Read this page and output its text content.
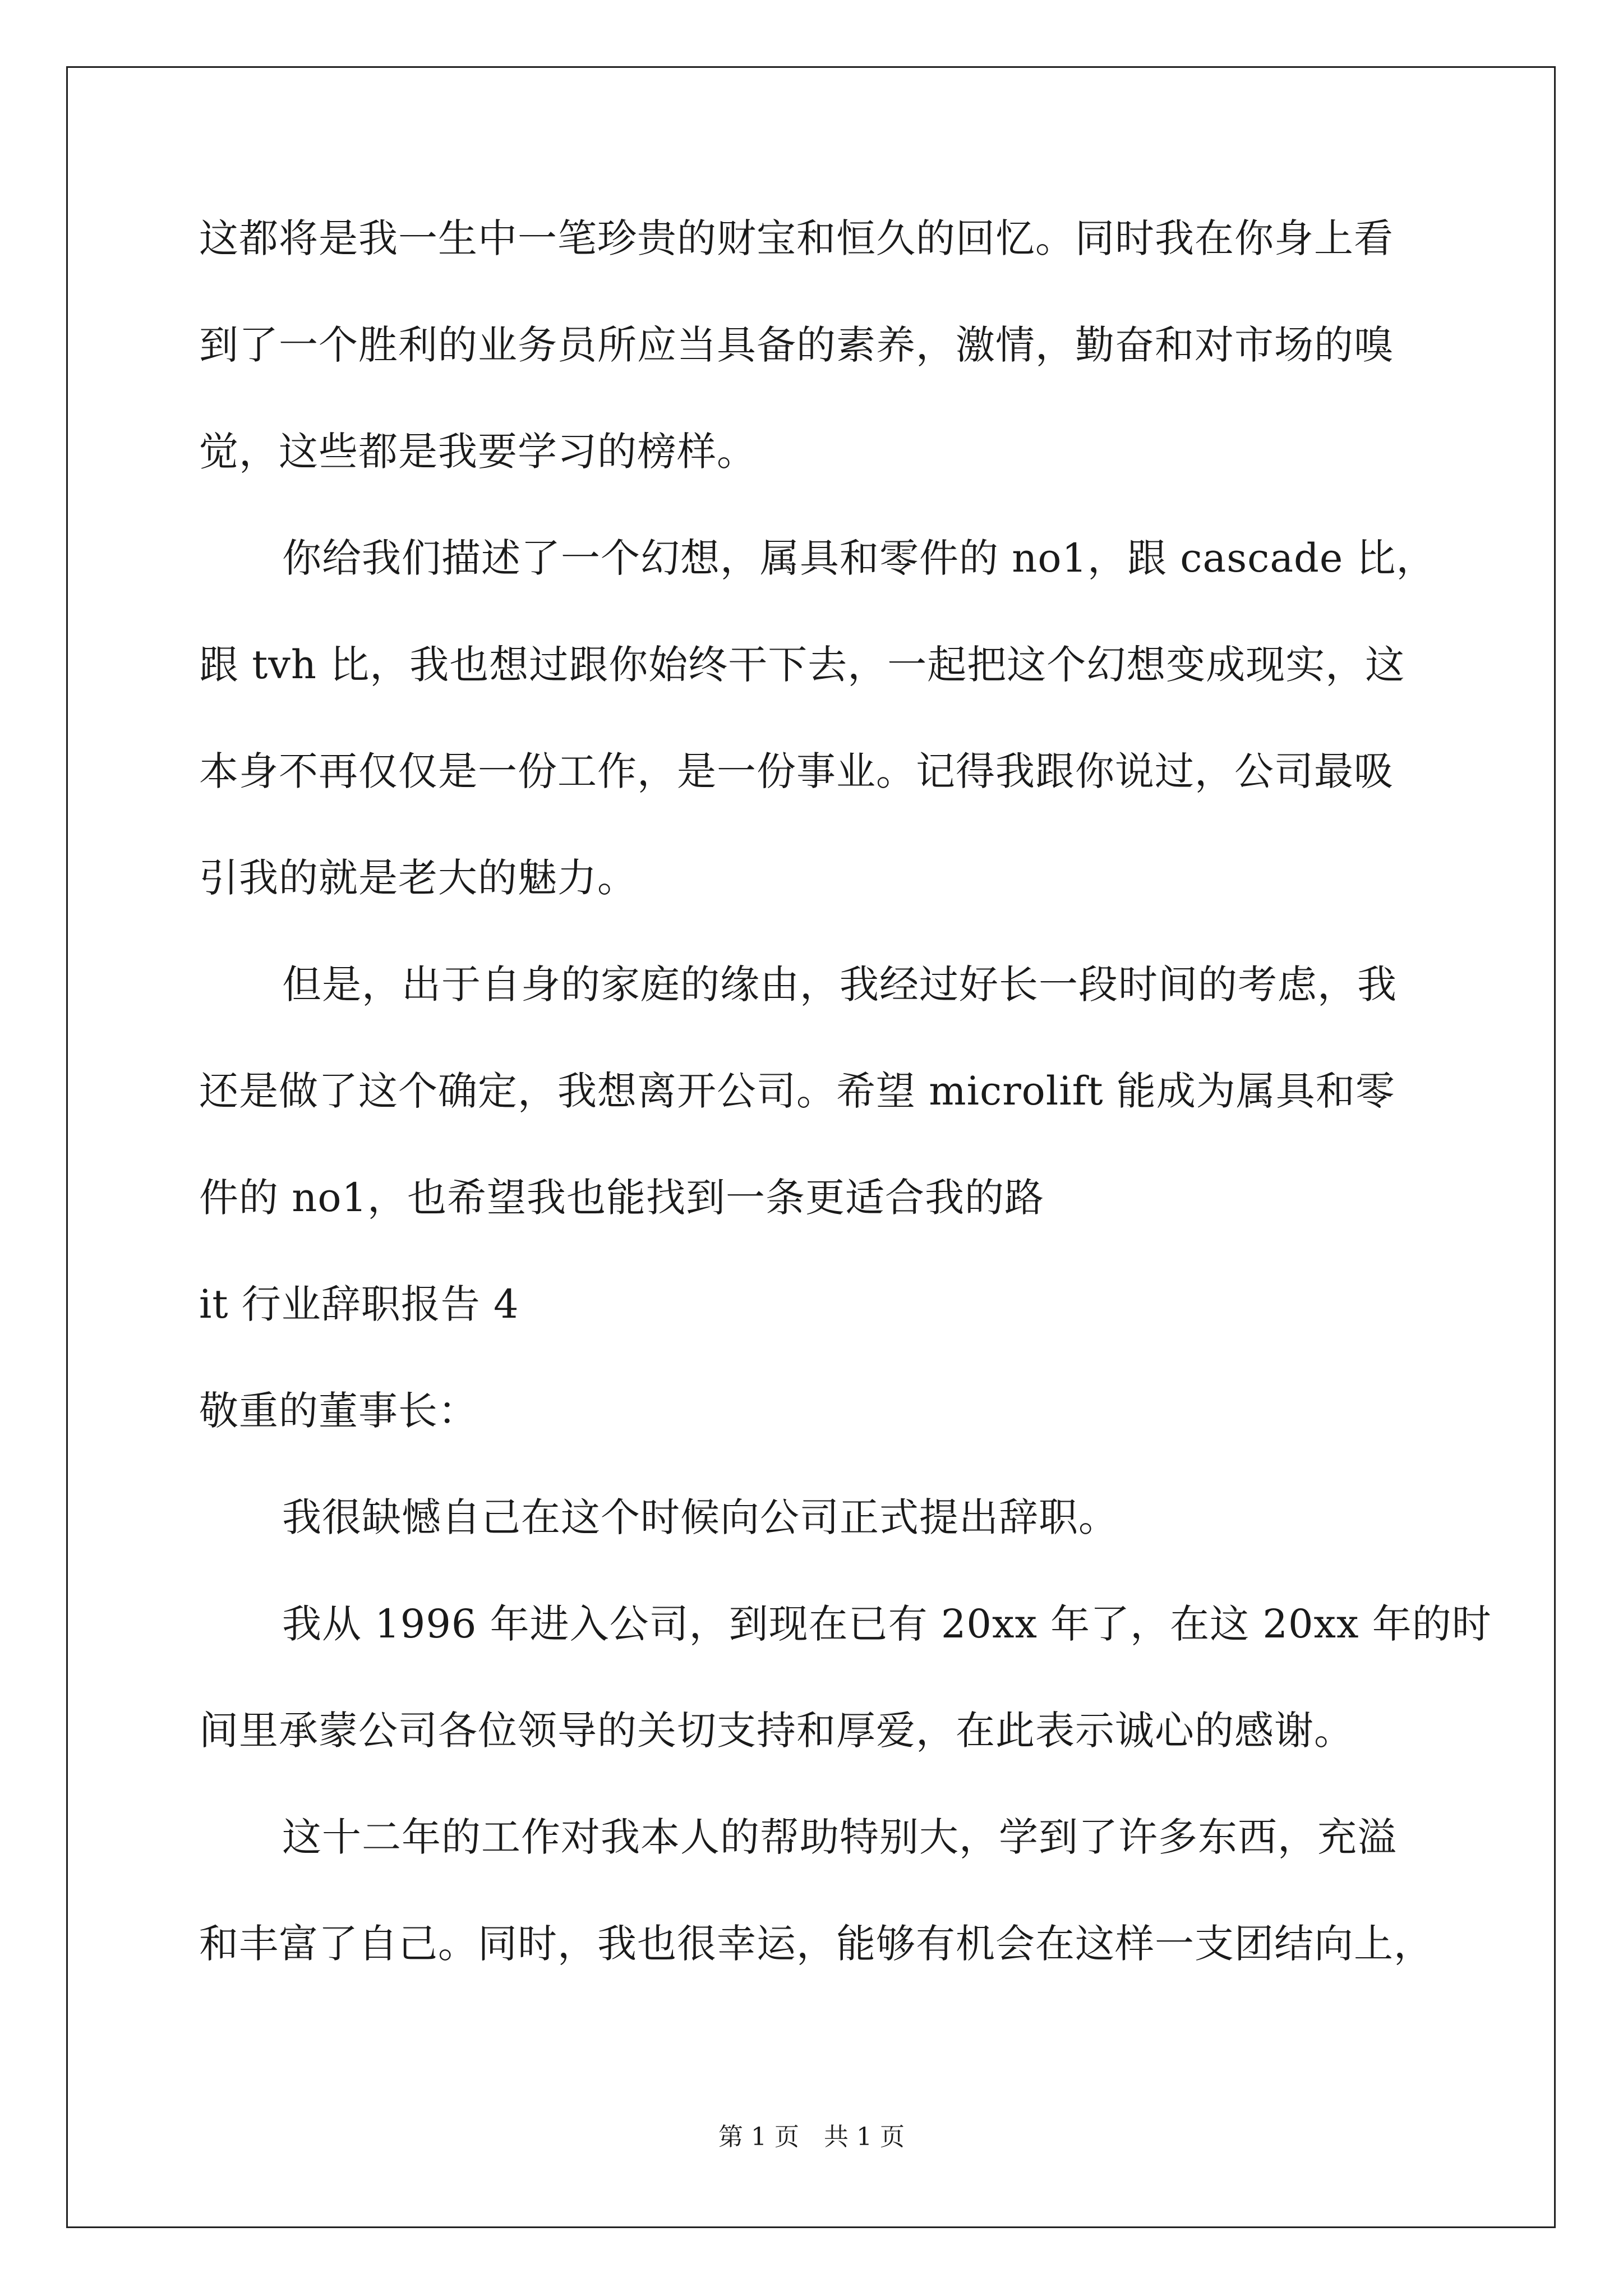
这都将是我一生中一笔珍贵的财宝和恒久的回忆。同时我在你身上看
到了一个胜利的业务员所应当具备的素养，激情，勤奋和对市场的嗅
觉，这些都是我要学习的榜样。
你给我们描述了一个幻想，属具和零件的 no1，跟 cascade 比，
跟 tvh 比，我也想过跟你始终干下去，一起把这个幻想变成现实，这
本身不再仅仅是一份工作，是一份事业。记得我跟你说过，公司最吸
引我的就是老大的魅力。
但是，出于自身的家庭的缘由，我经过好长一段时间的考虑，我
还是做了这个确定，我想离开公司。希望 microlift 能成为属具和零
件的 no1，也希望我也能找到一条更适合我的路
it 行业辞职报告 4
敬重的董事长：
我很缺憾自己在这个时候向公司正式提出辞职。
我从 1996 年进入公司，到现在已有 20xx 年了，在这 20xx 年的时
间里承蒙公司各位领导的关切支持和厚爱，在此表示诚心的感谢。
这十二年的工作对我本人的帮助特别大，学到了许多东西，充溢
和丰富了自己。同时，我也很幸运，能够有机会在这样一支团结向上，
第 1 页　共 1 页
